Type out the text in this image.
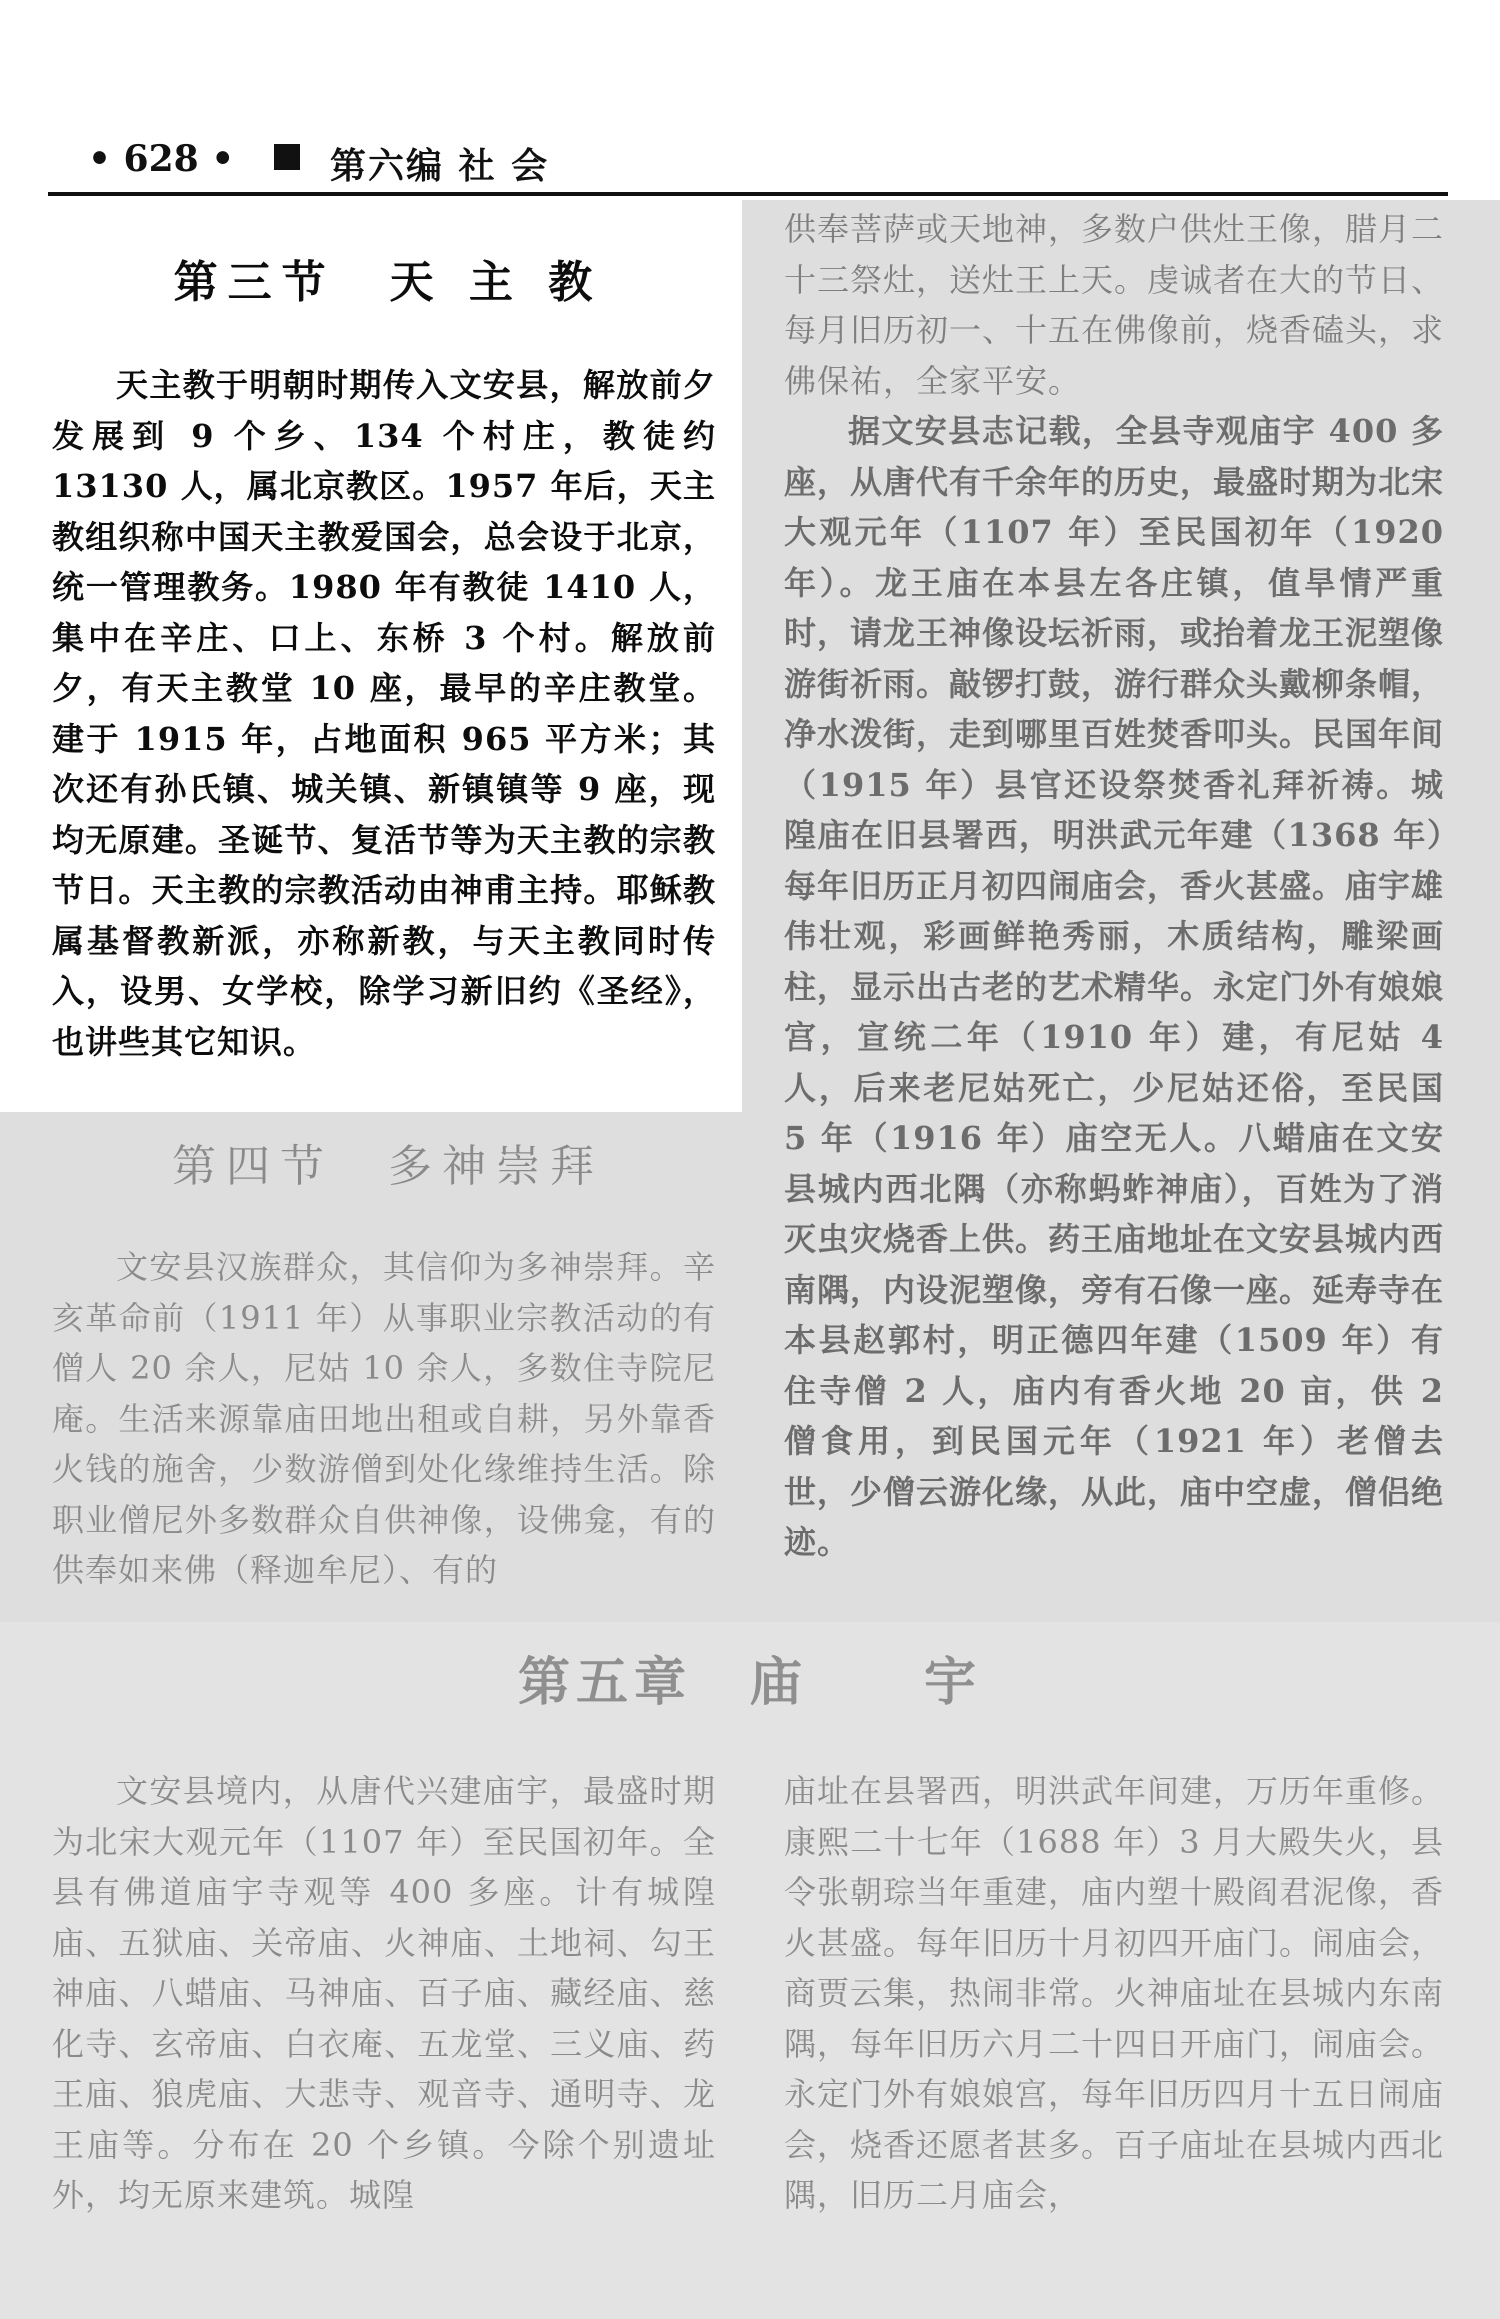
• 628 •	第六编 社 会
第三节　天 主 教

天主教于明朝时期传入文安县，解放前夕发展到 9 个乡、134 个村庄，教徒约 13130 人，属北京教区。1957 年后，天主教组织称中国天主教爱国会，总会设于北京，统一管理教务。1980 年有教徒 1410 人，集中在辛庄、口上、东桥 3 个村。解放前夕，有天主教堂 10 座，最早的辛庄教堂。建于 1915 年，占地面积 965 平方米；其次还有孙氏镇、城关镇、新镇镇等 9 座，现均无原建。圣诞节、复活节等为天主教的宗教节日。天主教的宗教活动由神甫主持。耶稣教属基督教新派，亦称新教，与天主教同时传入，设男、女学校，除学习新旧约《圣经》，也讲些其它知识。

第四节　多神崇拜

文安县汉族群众，其信仰为多神崇拜。辛亥革命前（1911 年）从事职业宗教活动的有僧人 20 余人，尼姑 10 余人，多数住寺院尼庵。生活来源靠庙田地出租或自耕，另外靠香火钱的施舍，少数游僧到处化缘维持生活。除职业僧尼外多数群众自供神像，设佛龛，有的供奉如来佛（释迦牟尼）、有的

供奉菩萨或天地神，多数户供灶王像，腊月二十三祭灶，送灶王上天。虔诚者在大的节日、每月旧历初一、十五在佛像前，烧香磕头，求佛保祐，全家平安。

据文安县志记载，全县寺观庙宇 400 多座，从唐代有千余年的历史，最盛时期为北宋大观元年（1107 年）至民国初年（1920 年）。龙王庙在本县左各庄镇，值旱情严重时，请龙王神像设坛祈雨，或抬着龙王泥塑像游街祈雨。敲锣打鼓，游行群众头戴柳条帽，净水泼街，走到哪里百姓焚香叩头。民国年间（1915 年）县官还设祭焚香礼拜祈祷。城隍庙在旧县署西，明洪武元年建（1368 年）每年旧历正月初四闹庙会，香火甚盛。庙宇雄伟壮观，彩画鲜艳秀丽，木质结构，雕梁画柱，显示出古老的艺术精华。永定门外有娘娘宫，宣统二年（1910 年）建，有尼姑 4 人，后来老尼姑死亡，少尼姑还俗，至民国 5 年（1916 年）庙空无人。八蜡庙在文安县城内西北隅（亦称蚂蚱神庙），百姓为了消灭虫灾烧香上供。药王庙地址在文安县城内西南隅，内设泥塑像，旁有石像一座。延寿寺在本县赵郭村，明正德四年建（1509 年）有住寺僧 2 人，庙内有香火地 20 亩，供 2 僧食用，到民国元年（1921 年）老僧去世，少僧云游化缘，从此，庙中空虚，僧侣绝迹。

第五章　庙　　宇

文安县境内，从唐代兴建庙宇，最盛时期为北宋大观元年（1107 年）至民国初年。全县有佛道庙宇寺观等 400 多座。计有城隍庙、五狱庙、关帝庙、火神庙、土地祠、勾王神庙、八蜡庙、马神庙、百子庙、藏经庙、慈化寺、玄帝庙、白衣庵、五龙堂、三义庙、药王庙、狼虎庙、大悲寺、观音寺、通明寺、龙王庙等。分布在 20 个乡镇。今除个别遗址外，均无原来建筑。城隍

庙址在县署西，明洪武年间建，万历年重修。康熙二十七年（1688 年）3 月大殿失火，县令张朝琮当年重建，庙内塑十殿阎君泥像，香火甚盛。每年旧历十月初四开庙门。闹庙会，商贾云集，热闹非常。火神庙址在县城内东南隅，每年旧历六月二十四日开庙门，闹庙会。永定门外有娘娘宫，每年旧历四月十五日闹庙会，烧香还愿者甚多。百子庙址在县城内西北隅，旧历二月庙会，
